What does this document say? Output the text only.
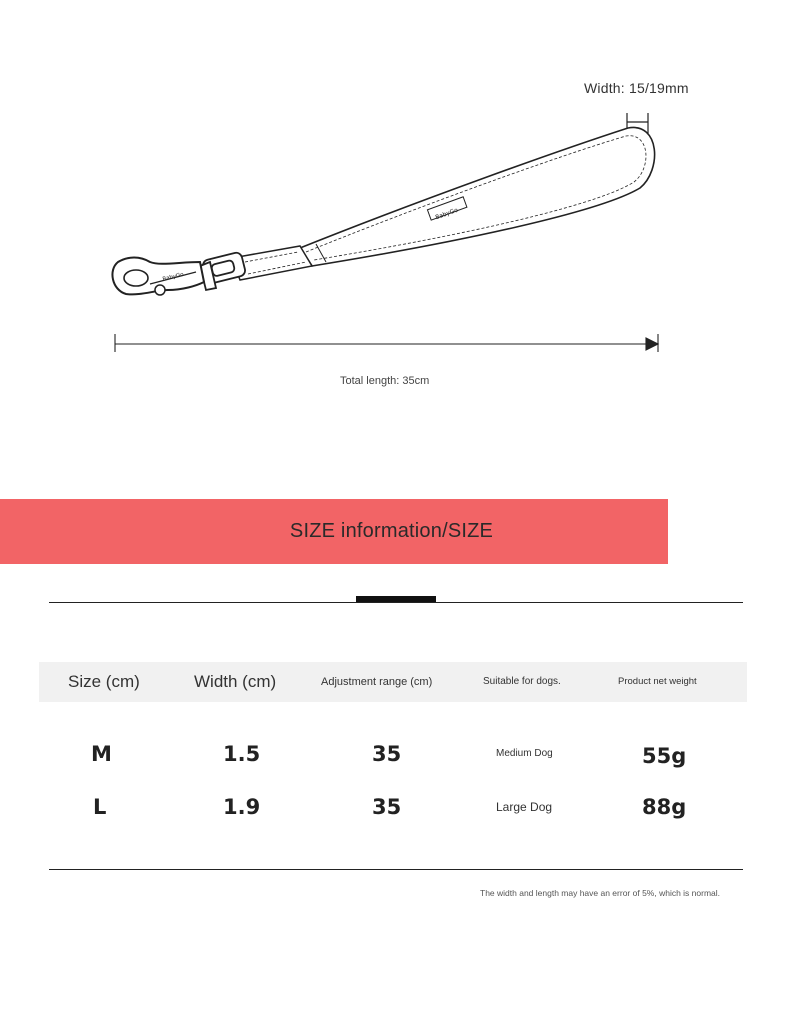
BabyGo
BabyGo
Width: 15/19mm
Total length: 35cm
SIZE information/SIZE
Size (cm)	Width (cm)	Adjustment range (cm)	Suitable for dogs.	Product net weight
M	1.5	35	Medium Dog	55g
L	1.9	35	Large Dog	88g
The width and length may have an error of 5%, which is normal.
